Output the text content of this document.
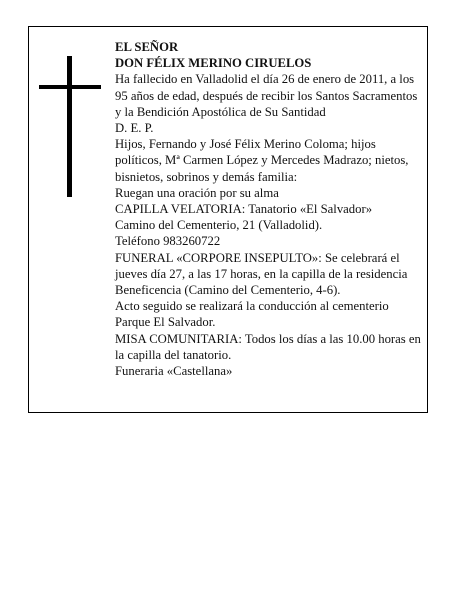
EL SEÑOR

DON FÉLIX MERINO CIRUELOS

Ha fallecido en Valladolid el día 26 de enero de 2011, a los 95 años de edad, después de recibir los Santos Sacramentos y la Bendición Apostólica de Su Santidad

D. E. P.

Hijos, Fernando y José Félix Merino Coloma; hijos políticos, Mª Carmen López y Mercedes Madrazo; nietos, bisnietos, sobrinos y demás familia:

Ruegan una oración por su alma

CAPILLA VELATORIA: Tanatorio «El Salvador»

Camino del Cementerio, 21 (Valladolid).

Teléfono 983260722

FUNERAL «CORPORE INSEPULTO»: Se celebrará el jueves día 27, a las 17 horas, en la capilla de la residencia Beneficencia (Camino del Cementerio, 4-6).

Acto seguido se realizará la conducción al cementerio Parque El Salvador.

MISA COMUNITARIA: Todos los días a las 10.00 horas en la capilla del tanatorio.

Funeraria «Castellana»
